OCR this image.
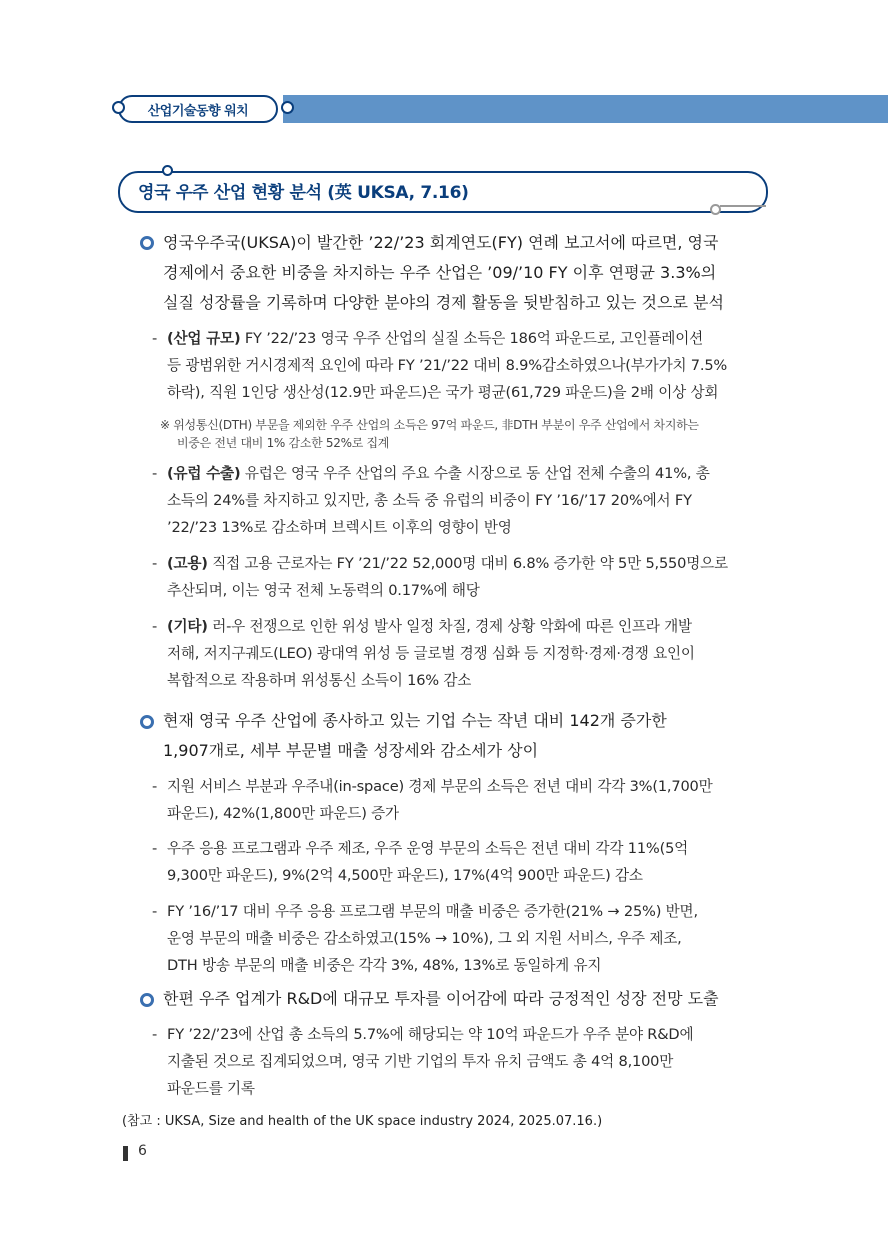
산업기술동향 워치
영국 우주 산업 현황 분석 (英 UKSA, 7.16)
영국우주국(UKSA)이 발간한 ’22/’23 회계연도(FY) 연례 보고서에 따르면, 영국
경제에서 중요한 비중을 차지하는 우주 산업은 ’09/’10 FY 이후 연평균 3.3%의
실질 성장률을 기록하며 다양한 분야의 경제 활동을 뒷받침하고 있는 것으로 분석
- (산업 규모) FY ’22/’23 영국 우주 산업의 실질 소득은 186억 파운드로, 고인플레이션
등 광범위한 거시경제적 요인에 따라 FY ’21/’22 대비 8.9%감소하였으나(부가가치 7.5%
하락), 직원 1인당 생산성(12.9만 파운드)은 국가 평균(61,729 파운드)을 2배 이상 상회
※ 위성통신(DTH) 부문을 제외한 우주 산업의 소득은 97억 파운드, 非DTH 부분이 우주 산업에서 차지하는
비중은 전년 대비 1% 감소한 52%로 집계
- (유럽 수출) 유럽은 영국 우주 산업의 주요 수출 시장으로 동 산업 전체 수출의 41%, 총
소득의 24%를 차지하고 있지만, 총 소득 중 유럽의 비중이 FY ’16/’17 20%에서 FY
’22/’23 13%로 감소하며 브렉시트 이후의 영향이 반영
- (고용) 직접 고용 근로자는 FY ’21/’22 52,000명 대비 6.8% 증가한 약 5만 5,550명으로
추산되며, 이는 영국 전체 노동력의 0.17%에 해당
- (기타) 러-우 전쟁으로 인한 위성 발사 일정 차질, 경제 상황 악화에 따른 인프라 개발
저해, 저지구궤도(LEO) 광대역 위성 등 글로벌 경쟁 심화 등 지정학·경제·경쟁 요인이
복합적으로 작용하며 위성통신 소득이 16% 감소
현재 영국 우주 산업에 종사하고 있는 기업 수는 작년 대비 142개 증가한
1,907개로, 세부 부문별 매출 성장세와 감소세가 상이
- 지원 서비스 부분과 우주내(in-space) 경제 부문의 소득은 전년 대비 각각 3%(1,700만
파운드), 42%(1,800만 파운드) 증가
- 우주 응용 프로그램과 우주 제조, 우주 운영 부문의 소득은 전년 대비 각각 11%(5억
9,300만 파운드), 9%(2억 4,500만 파운드), 17%(4억 900만 파운드) 감소
- FY ’16/’17 대비 우주 응용 프로그램 부문의 매출 비중은 증가한(21% → 25%) 반면,
운영 부문의 매출 비중은 감소하였고(15% → 10%), 그 외 지원 서비스, 우주 제조,
DTH 방송 부문의 매출 비중은 각각 3%, 48%, 13%로 동일하게 유지
한편 우주 업계가 R&D에 대규모 투자를 이어감에 따라 긍정적인 성장 전망 도출
- FY ’22/’23에 산업 총 소득의 5.7%에 해당되는 약 10억 파운드가 우주 분야 R&D에
지출된 것으로 집계되었으며, 영국 기반 기업의 투자 유치 금액도 총 4억 8,100만
파운드를 기록
(참고 : UKSA, Size and health of the UK space industry 2024, 2025.07.16.)
6
